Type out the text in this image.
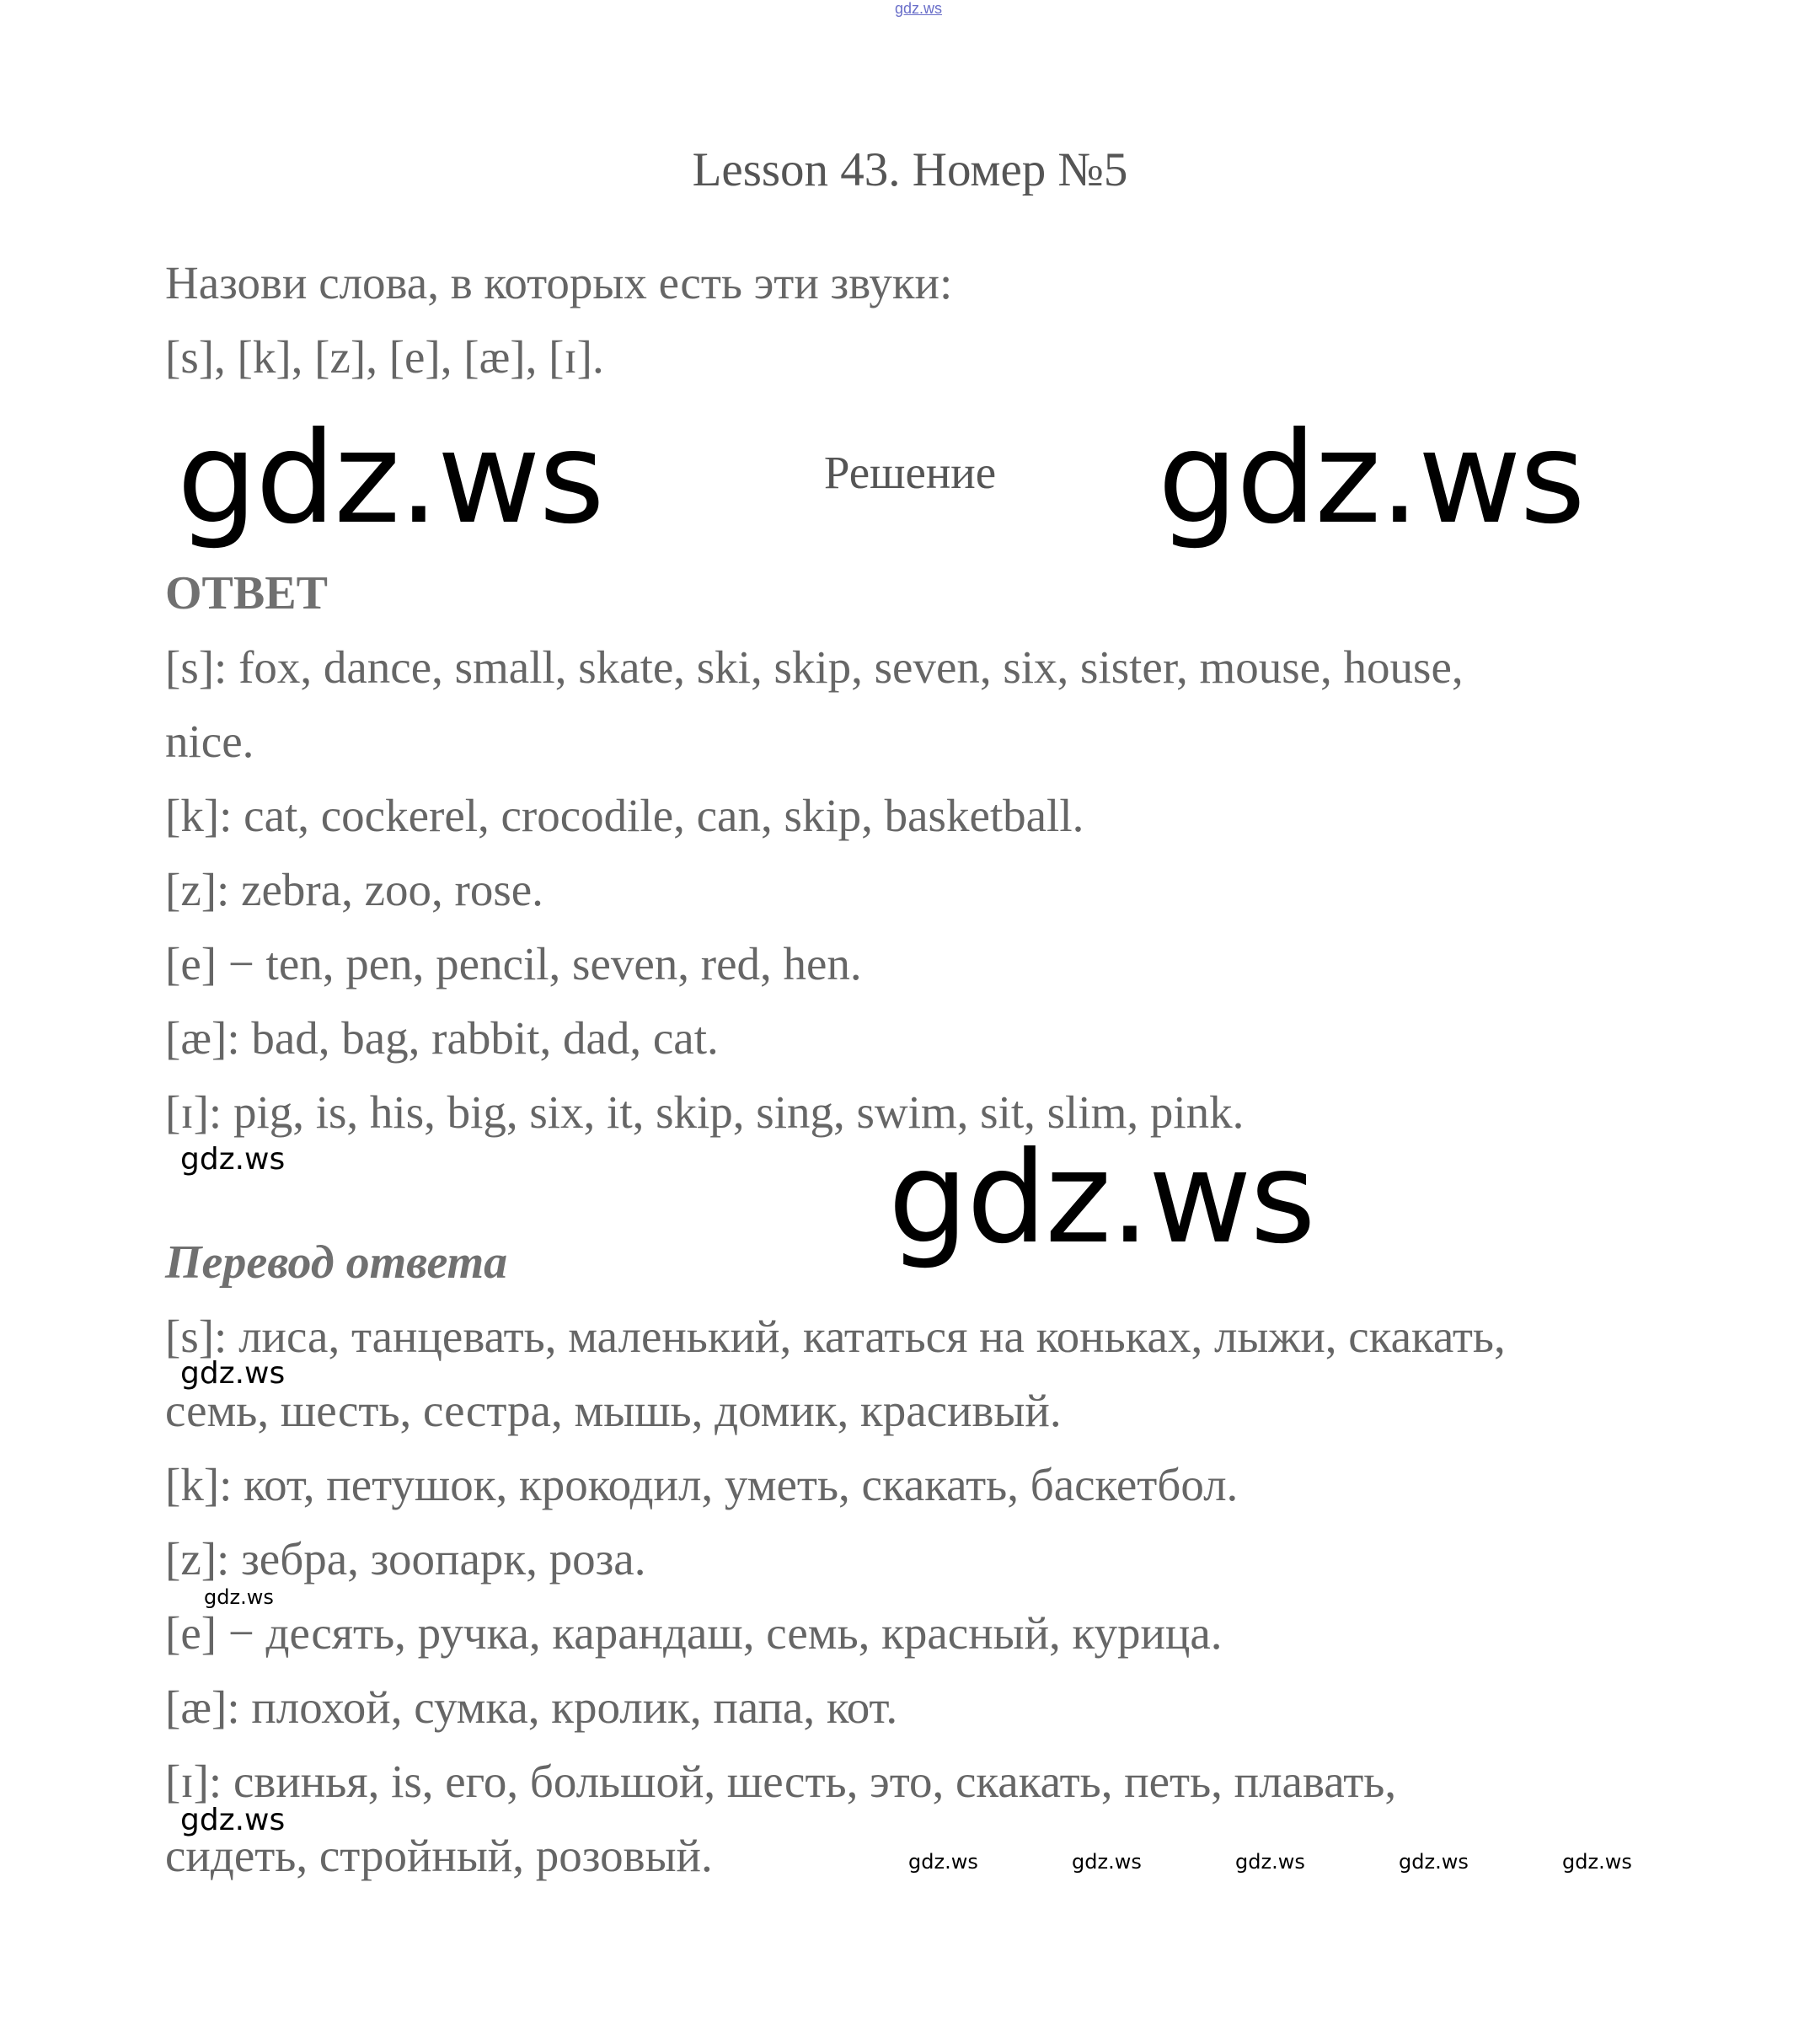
gdz.ws
Lesson 43. Номер №5
Назови слова, в которых есть эти звуки:
[s], [k], [z], [e], [æ], [ɪ].
gdz.ws	Решение	gdz.ws
ОТВЕТ
[s]: fox, dance, small, skate, ski, skip, seven, six, sister, mouse, house,
nice.
[k]: cat, cockerel, crocodile, can, skip, basketball.
[z]: zebra, zoo, rose.
[e] − ten, pen, pencil, seven, red, hen.
[æ]: bad, bag, rabbit, dad, cat.
[ɪ]: pig, is, his, big, six, it, skip, sing, swim, sit, slim, pink.
gdz.ws	gdz.ws
Перевод ответа
[s]: лиса, танцевать, маленький, кататься на коньках, лыжи, скакать,
семь, шесть, сестра, мышь, домик, красивый.
[k]: кот, петушок, крокодил, уметь, скакать, баскетбол.
[z]: зебра, зоопарк, роза.
[e] − десять, ручка, карандаш, семь, красный, курица.
[æ]: плохой, сумка, кролик, папа, кот.
[ɪ]: свинья, is, его, большой, шесть, это, скакать, петь, плавать,
сидеть, стройный, розовый.
gdz.ws
gdz.ws
gdz.ws
gdz.ws	gdz.ws	gdz.ws	gdz.ws	gdz.ws
